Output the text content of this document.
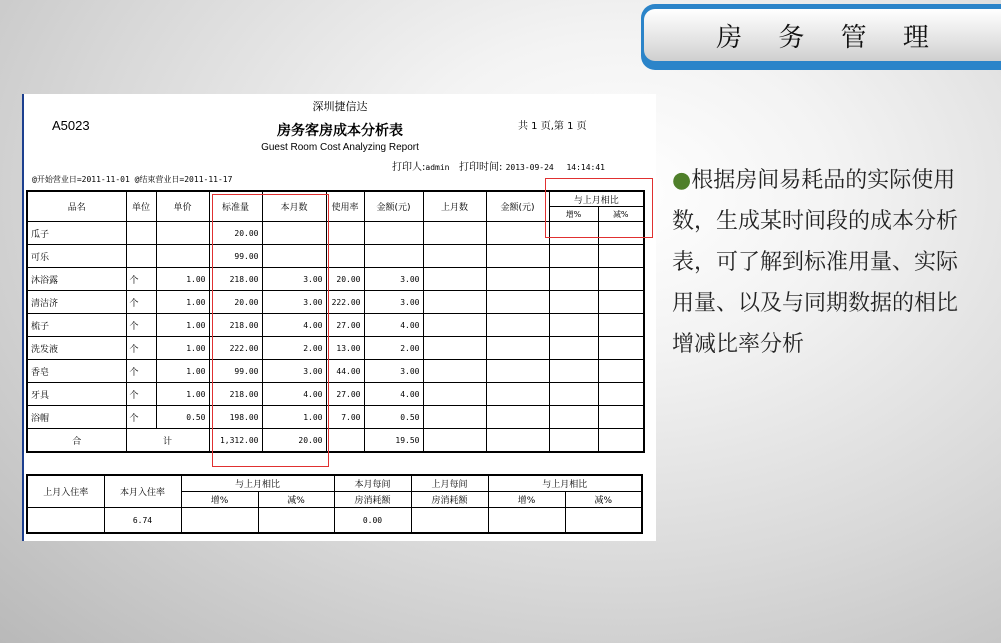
房 务 管 理
深圳捷信达
A5023	房务客房成本分析表	共 1 页,第 1 页
Guest Room Cost Analyzing Report
打印人:admin 打印时间: 2013-09-24 14:14:41
@开始营业日=2011-11-01 @结束营业日=2011-11-17
品名	单位	单价	标准量	本月数	使用率	金额(元)	上月数	金额(元)	与上月相比	
									增%	减%
瓜子			20.00							
可乐			99.00							
沐浴露	个	1.00	218.00	3.00	20.00	3.00				
清洁济	个	1.00	20.00	3.00	222.00	3.00				
梳子	个	1.00	218.00	4.00	27.00	4.00				
洗发液	个	1.00	222.00	2.00	13.00	2.00				
香皂	个	1.00	99.00	3.00	44.00	3.00				
牙具	个	1.00	218.00	4.00	27.00	4.00				
浴帽	个	0.50	198.00	1.00	7.00	0.50				
合	计		1,312.00	20.00		19.50				
上月入住率	本月入住率	与上月相比		本月每间	上月每间	与上月相比	
		增%	减%	房消耗额	房消耗额	增%	减%
	6.74			0.00			
●根据房间易耗品的实际使用数，生成某时间段的成本分析表，可了解到标准用量、实际用量、以及与同期数据的相比增减比率分析
